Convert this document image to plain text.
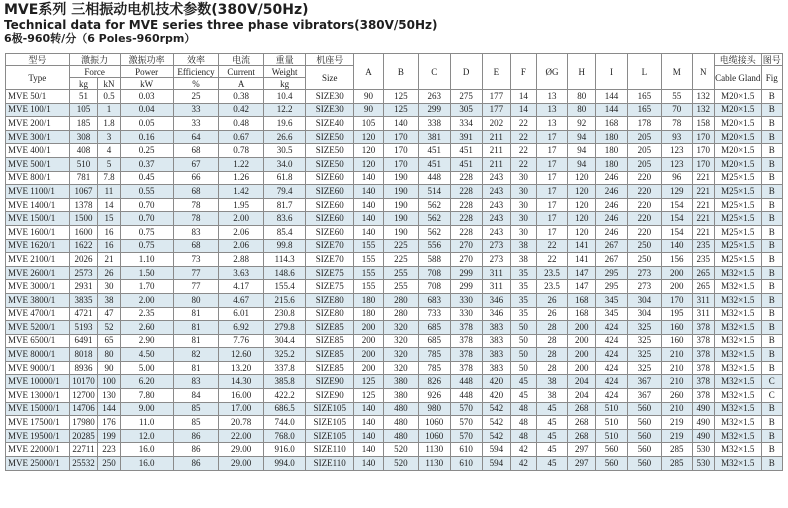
MVE系列 三相振动电机技术参数(380V/50Hz)
Technical data for MVE series three phase vibrators(380V/50Hz)
6极-960转/分（6 Poles-960rpm）
型号	激振力		激振功率	效率	电流	重量	机座号	A	B	C	D	E	F	ØG	H	I	L	M	N	电缆接头	图号
Type	Force		Power	Efficiency	Current	Weight	Size													Cable Gland	Fig
	kg	kN	kW	%	A	kg															
MVE 50/1	51	0.5	0.03	25	0.38	10.4	SIZE30	90	125	263	275	177	14	13	80	144	165	55	132	M20×1.5	B
MVE 100/1	105	1	0.04	33	0.42	12.2	SIZE30	90	125	299	305	177	14	13	80	144	165	70	132	M20×1.5	B
MVE 200/1	185	1.8	0.05	33	0.48	19.6	SIZE40	105	140	338	334	202	22	13	92	168	178	78	158	M20×1.5	B
MVE 300/1	308	3	0.16	64	0.67	26.6	SIZE50	120	170	381	391	211	22	17	94	180	205	93	170	M20×1.5	B
MVE 400/1	408	4	0.25	68	0.78	30.5	SIZE50	120	170	451	451	211	22	17	94	180	205	123	170	M20×1.5	B
MVE 500/1	510	5	0.37	67	1.22	34.0	SIZE50	120	170	451	451	211	22	17	94	180	205	123	170	M20×1.5	B
MVE 800/1	781	7.8	0.45	66	1.26	61.8	SIZE60	140	190	448	228	243	30	17	120	246	220	96	221	M25×1.5	B
MVE 1100/1	1067	11	0.55	68	1.42	79.4	SIZE60	140	190	514	228	243	30	17	120	246	220	129	221	M25×1.5	B
MVE 1400/1	1378	14	0.70	78	1.95	81.7	SIZE60	140	190	562	228	243	30	17	120	246	220	154	221	M25×1.5	B
MVE 1500/1	1500	15	0.70	78	2.00	83.6	SIZE60	140	190	562	228	243	30	17	120	246	220	154	221	M25×1.5	B
MVE 1600/1	1600	16	0.75	83	2.06	85.4	SIZE60	140	190	562	228	243	30	17	120	246	220	154	221	M25×1.5	B
MVE 1620/1	1622	16	0.75	68	2.06	99.8	SIZE70	155	225	556	270	273	38	22	141	267	250	140	235	M25×1.5	B
MVE 2100/1	2026	21	1.10	73	2.88	114.3	SIZE70	155	225	588	270	273	38	22	141	267	250	156	235	M25×1.5	B
MVE 2600/1	2573	26	1.50	77	3.63	148.6	SIZE75	155	255	708	299	311	35	23.5	147	295	273	200	265	M32×1.5	B
MVE 3000/1	2931	30	1.70	77	4.17	155.4	SIZE75	155	255	708	299	311	35	23.5	147	295	273	200	265	M32×1.5	B
MVE 3800/1	3835	38	2.00	80	4.67	215.6	SIZE80	180	280	683	330	346	35	26	168	345	304	170	311	M32×1.5	B
MVE 4700/1	4721	47	2.35	81	6.01	230.8	SIZE80	180	280	733	330	346	35	26	168	345	304	195	311	M32×1.5	B
MVE 5200/1	5193	52	2.60	81	6.92	279.8	SIZE85	200	320	685	378	383	50	28	200	424	325	160	378	M32×1.5	B
MVE 6500/1	6491	65	2.90	81	7.76	304.4	SIZE85	200	320	685	378	383	50	28	200	424	325	160	378	M32×1.5	B
MVE 8000/1	8018	80	4.50	82	12.60	325.2	SIZE85	200	320	785	378	383	50	28	200	424	325	210	378	M32×1.5	B
MVE 9000/1	8936	90	5.00	81	13.20	337.8	SIZE85	200	320	785	378	383	50	28	200	424	325	210	378	M32×1.5	B
MVE 10000/1	10170	100	6.20	83	14.30	385.8	SIZE90	125	380	826	448	420	45	38	204	424	367	210	378	M32×1.5	C
MVE 13000/1	12700	130	7.80	84	16.00	422.2	SIZE90	125	380	926	448	420	45	38	204	424	367	260	378	M32×1.5	C
MVE 15000/1	14706	144	9.00	85	17.00	686.5	SIZE105	140	480	980	570	542	48	45	268	510	560	210	490	M32×1.5	B
MVE 17500/1	17980	176	11.0	85	20.78	744.0	SIZE105	140	480	1060	570	542	48	45	268	510	560	219	490	M32×1.5	B
MVE 19500/1	20285	199	12.0	86	22.00	768.0	SIZE105	140	480	1060	570	542	48	45	268	510	560	219	490	M32×1.5	B
MVE 22000/1	22711	223	16.0	86	29.00	916.0	SIZE110	140	520	1130	610	594	42	45	297	560	560	285	530	M32×1.5	B
MVE 25000/1	25532	250	16.0	86	29.00	994.0	SIZE110	140	520	1130	610	594	42	45	297	560	560	285	530	M32×1.5	B
